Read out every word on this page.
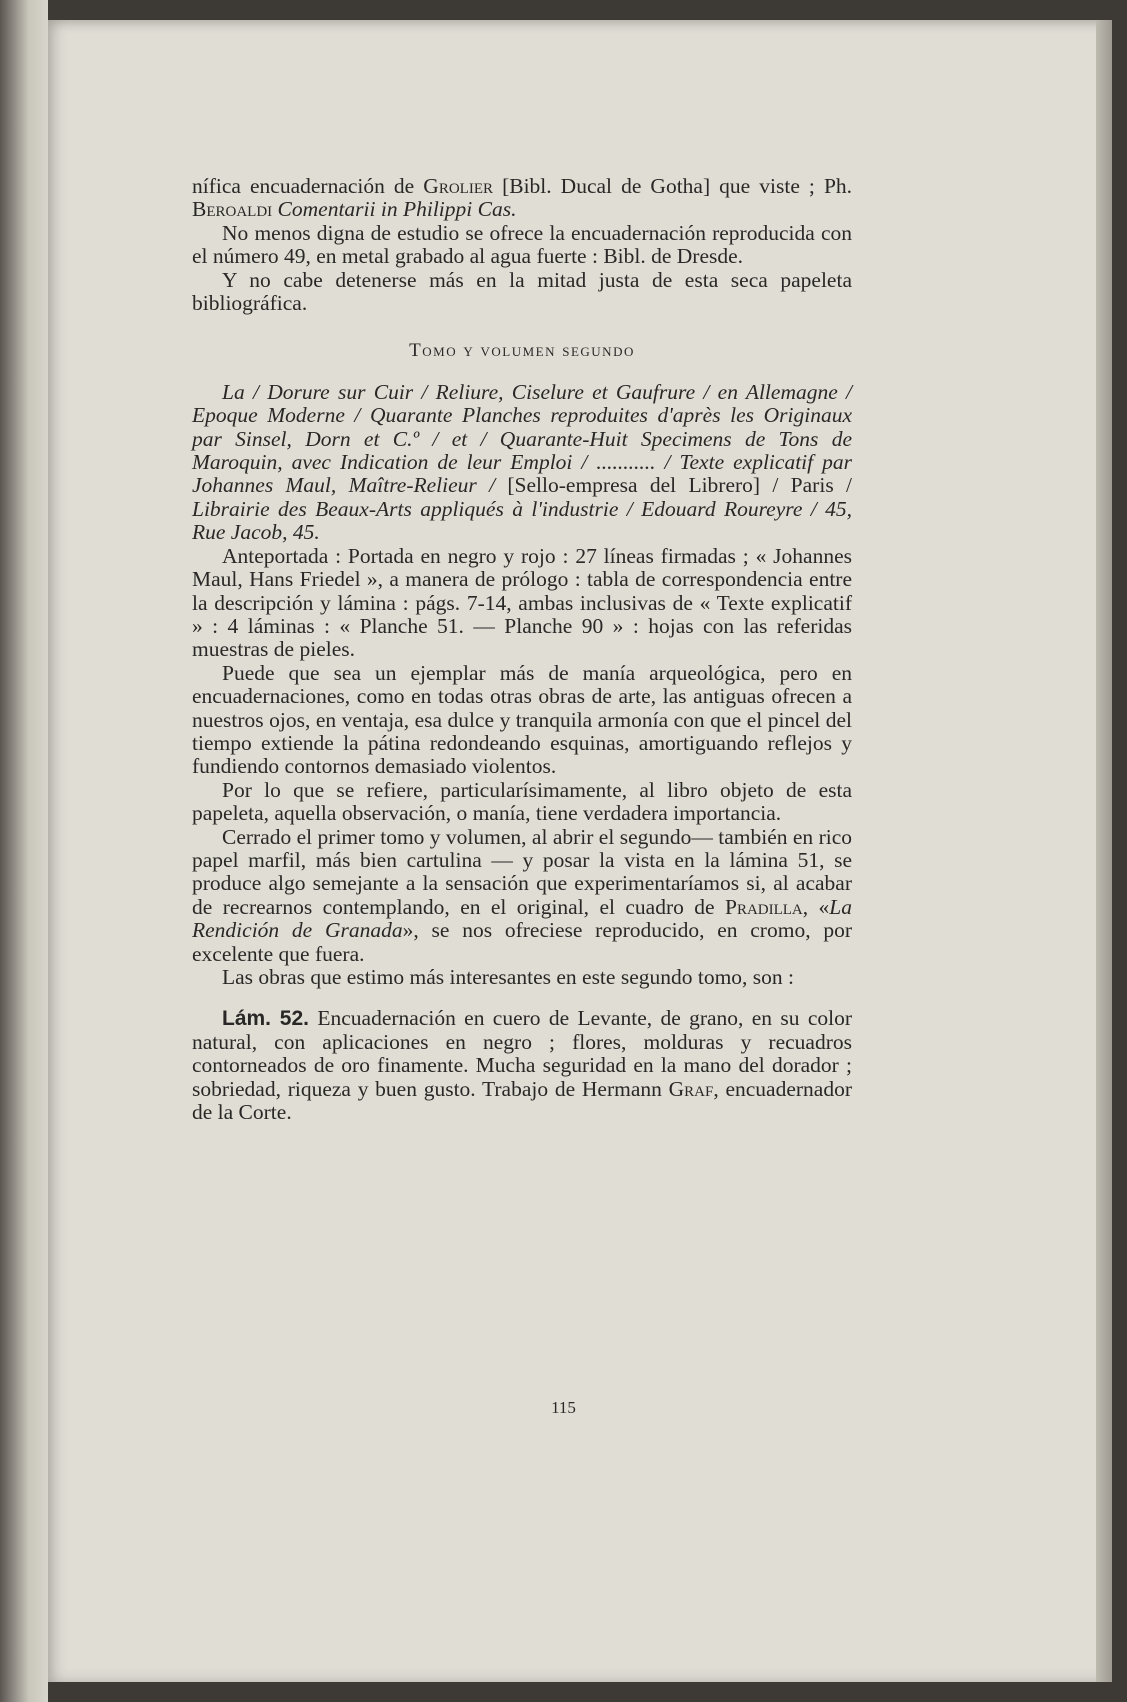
nífica encuadernación de Grolier [Bibl. Ducal de Gotha] que viste ; Ph. Beroaldi Comentarii in Philippi Cas.

No menos digna de estudio se ofrece la encuadernación reproducida con el número 49, en metal grabado al agua fuerte : Bibl. de Dresde.

Y no cabe detenerse más en la mitad justa de esta seca papeleta bibliográfica.

Tomo y volumen segundo

La / Dorure sur Cuir / Reliure, Ciselure et Gaufrure / en Allemagne / Epoque Moderne / Quarante Planches reproduites d'après les Originaux par Sinsel, Dorn et C.º / et / Quarante-Huit Specimens de Tons de Maroquin, avec Indication de leur Emploi / ........... / Texte explicatif par Johannes Maul, Maître-Relieur / [Sello-empresa del Librero] / Paris / Librairie des Beaux-Arts appliqués à l'industrie / Edouard Roureyre / 45, Rue Jacob, 45.

Anteportada : Portada en negro y rojo : 27 líneas firmadas ; « Johannes Maul, Hans Friedel », a manera de prólogo : tabla de correspondencia entre la descripción y lámina : págs. 7-14, ambas inclusivas de « Texte explicatif » : 4 láminas : « Planche 51. — Planche 90 » : hojas con las referidas muestras de pieles.

Puede que sea un ejemplar más de manía arqueológica, pero en encuadernaciones, como en todas otras obras de arte, las antiguas ofrecen a nuestros ojos, en ventaja, esa dulce y tranquila armonía con que el pincel del tiempo extiende la pátina redondeando esquinas, amortiguando reflejos y fundiendo contornos demasiado violentos.

Por lo que se refiere, particularísimamente, al libro objeto de esta papeleta, aquella observación, o manía, tiene verdadera importancia.

Cerrado el primer tomo y volumen, al abrir el segundo— también en rico papel marfil, más bien cartulina — y posar la vista en la lámina 51, se produce algo semejante a la sensación que experimentaríamos si, al acabar de recrearnos contemplando, en el original, el cuadro de Pradilla, «La Rendición de Granada», se nos ofreciese reproducido, en cromo, por excelente que fuera.

Las obras que estimo más interesantes en este segundo tomo, son :

Lám. 52. Encuadernación en cuero de Levante, de grano, en su color natural, con aplicaciones en negro ; flores, molduras y recuadros contorneados de oro finamente. Mucha seguridad en la mano del dorador ; sobriedad, riqueza y buen gusto. Trabajo de Hermann Graf, encuadernador de la Corte.

115
